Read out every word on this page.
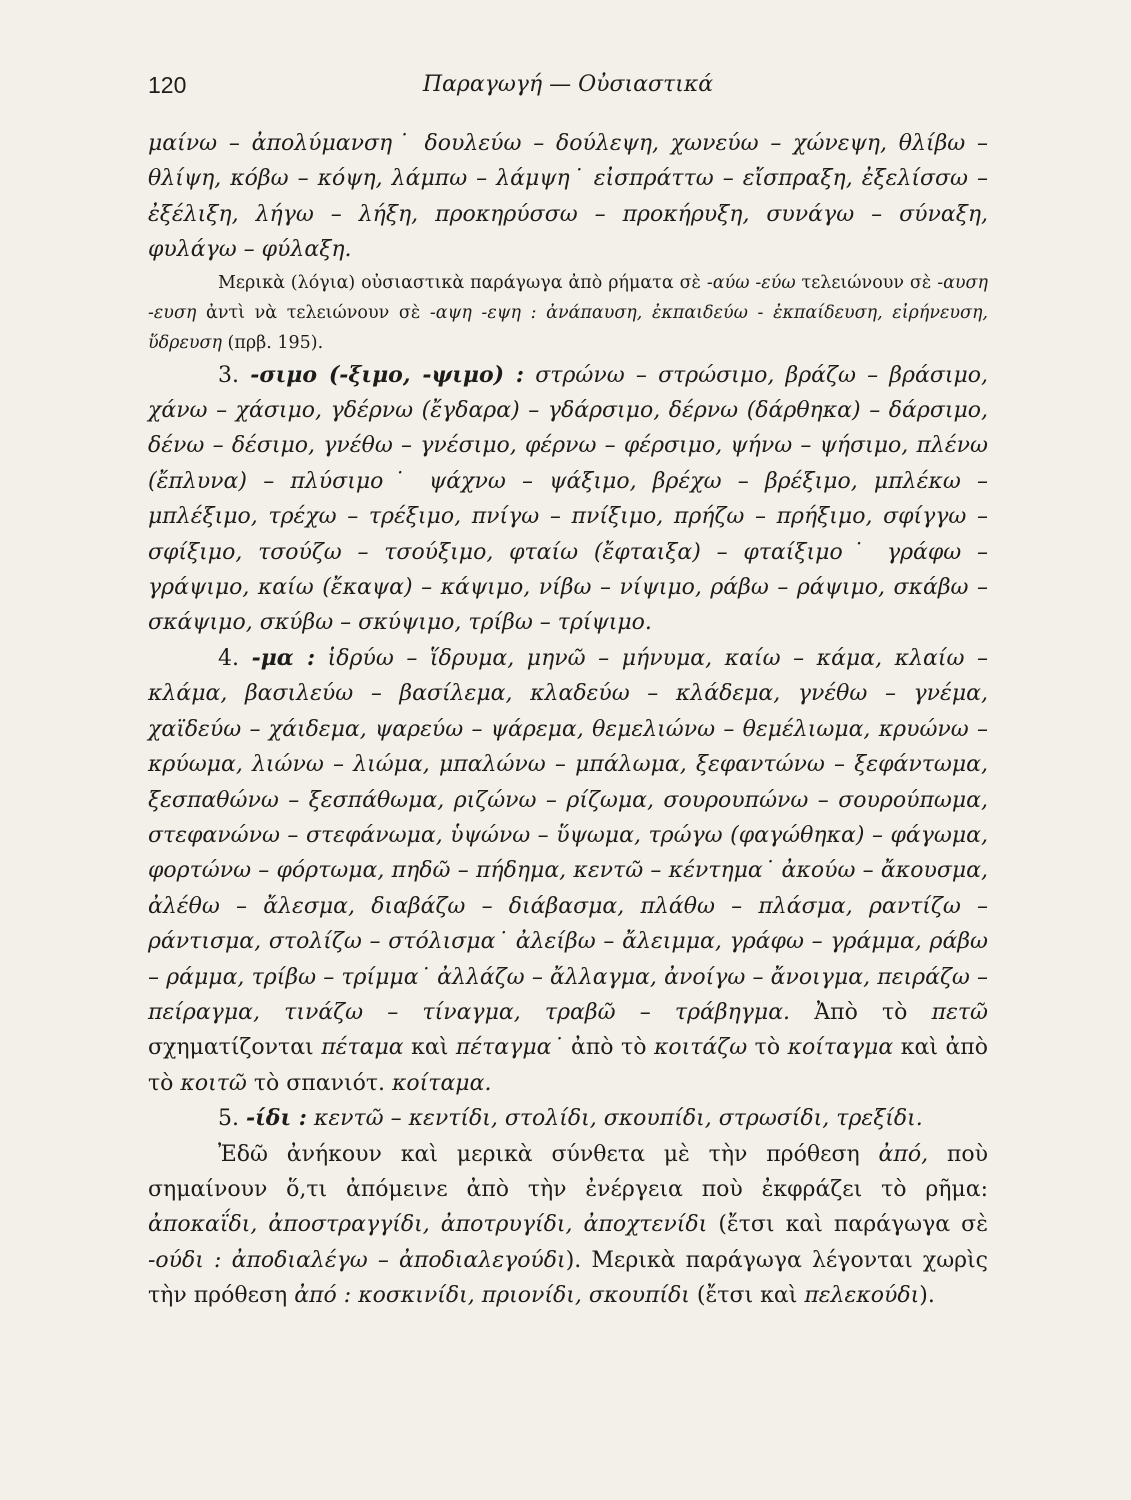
120	Παραγωγή — Οὐσιαστικά

μαίνω – ἀπολύμανση˙ δουλεύω – δούλεψη, χωνεύω – χώνεψη, θλίβω – θλίψη, κόβω – κόψη, λάμπω – λάμψη˙ εἰσπράττω – εἴσπραξη, ἐξελίσσω – ἐξέλιξη, λήγω – λήξη, προκηρύσσω – προκήρυξη, συνάγω – σύναξη, φυλάγω – φύλαξη.

Μερικὰ (λόγια) οὐσιαστικὰ παράγωγα ἀπὸ ρήματα σὲ -αύω -εύω τελειώνουν σὲ -αυση -ευση ἀντὶ νὰ τελειώνουν σὲ -αψη -εψη : ἀνάπαυση, ἐκπαιδεύω - ἐκπαίδευση, εἰρήνευση, ὕδρευση (πρβ. 195).

3. -σιμο (-ξιμο, -ψιμο) : στρώνω – στρώσιμο, βράζω – βράσιμο, χάνω – χάσιμο, γδέρνω (ἔγδαρα) – γδάρσιμο, δέρνω (δάρθηκα) – δάρσιμο, δένω – δέσιμο, γνέθω – γνέσιμο, φέρνω – φέρσιμο, ψήνω – ψήσιμο, πλένω (ἔπλυνα) – πλύσιμο˙ ψάχνω – ψάξιμο, βρέχω – βρέξιμο, μπλέκω – μπλέξιμο, τρέχω – τρέξιμο, πνίγω – πνίξιμο, πρήζω – πρήξιμο, σφίγγω – σφίξιμο, τσούζω – τσούξιμο, φταίω (ἔφταιξα) – φταίξιμο˙ γράφω – γράψιμο, καίω (ἔκαψα) – κάψιμο, νίβω – νίψιμο, ράβω – ράψιμο, σκάβω – σκάψιμο, σκύβω – σκύψιμο, τρίβω – τρίψιμο.

4. -μα : ἱδρύω – ἵδρυμα, μηνῶ – μήνυμα, καίω – κάμα, κλαίω – κλάμα, βασιλεύω – βασίλεμα, κλαδεύω – κλάδεμα, γνέθω – γνέμα, χαϊδεύω – χάιδεμα, ψαρεύω – ψάρεμα, θεμελιώνω – θεμέλιωμα, κρυώνω – κρύωμα, λιώνω – λιώμα, μπαλώνω – μπάλωμα, ξεφαντώνω – ξεφάντωμα, ξεσπαθώνω – ξεσπάθωμα, ριζώνω – ρίζωμα, σουρουπώνω – σουρούπωμα, στεφανώνω – στεφάνωμα, ὑψώνω – ὕψωμα, τρώγω (φαγώθηκα) – φάγωμα, φορτώνω – φόρτωμα, πηδῶ – πήδημα, κεντῶ – κέντημα˙ ἀκούω – ἄκουσμα, ἀλέθω – ἄλεσμα, διαβάζω – διάβασμα, πλάθω – πλάσμα, ραντίζω – ράντισμα, στολίζω – στόλισμα˙ ἀλείβω – ἄλειμμα, γράφω – γράμμα, ράβω – ράμμα, τρίβω – τρίμμα˙ ἀλλάζω – ἄλλαγμα, ἀνοίγω – ἄνοιγμα, πειράζω – πείραγμα, τινάζω – τίναγμα, τραβῶ – τράβηγμα. Ἀπὸ τὸ πετῶ σχηματίζονται πέταμα καὶ πέταγμα˙ ἀπὸ τὸ κοιτάζω τὸ κοίταγμα καὶ ἀπὸ τὸ κοιτῶ τὸ σπανιότ. κοίταμα.

5. -ίδι : κεντῶ – κεντίδι, στολίδι, σκουπίδι, στρωσίδι, τρεξίδι.

Ἐδῶ ἀνήκουν καὶ μερικὰ σύνθετα μὲ τὴν πρόθεση ἀπό, ποὺ σημαίνουν ὅ,τι ἀπόμεινε ἀπὸ τὴν ἐνέργεια ποὺ ἐκφράζει τὸ ρῆμα: ἀποκαΐδι, ἀποστραγγίδι, ἀποτρυγίδι, ἀποχτενίδι (ἔτσι καὶ παράγωγα σὲ -ούδι : ἀποδιαλέγω – ἀποδιαλεγούδι). Μερικὰ παράγωγα λέγονται χωρὶς τὴν πρόθεση ἀπό : κοσκινίδι, πριονίδι, σκουπίδι (ἔτσι καὶ πελεκούδι).
